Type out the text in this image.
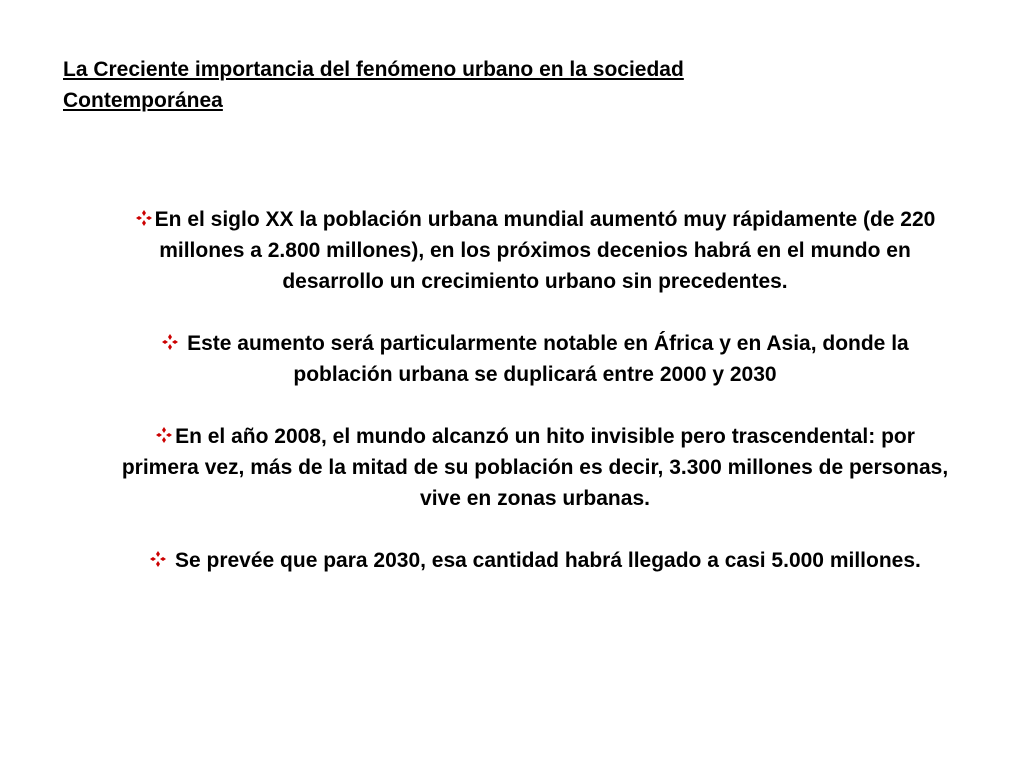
La Creciente importancia del fenómeno urbano en la sociedad
Contemporánea

En el siglo XX la población urbana mundial aumentó muy rápidamente (de 220 millones a 2.800 millones), en los próximos decenios habrá en el mundo en desarrollo un crecimiento urbano sin precedentes.

Este aumento será particularmente notable en África y en Asia, donde la población urbana se duplicará entre 2000 y 2030

En el año 2008, el mundo alcanzó un hito invisible pero trascendental: por primera vez, más de la mitad de su población es decir, 3.300 millones de personas, vive en zonas urbanas.

Se prevée que para 2030, esa cantidad habrá llegado a casi 5.000 millones.
